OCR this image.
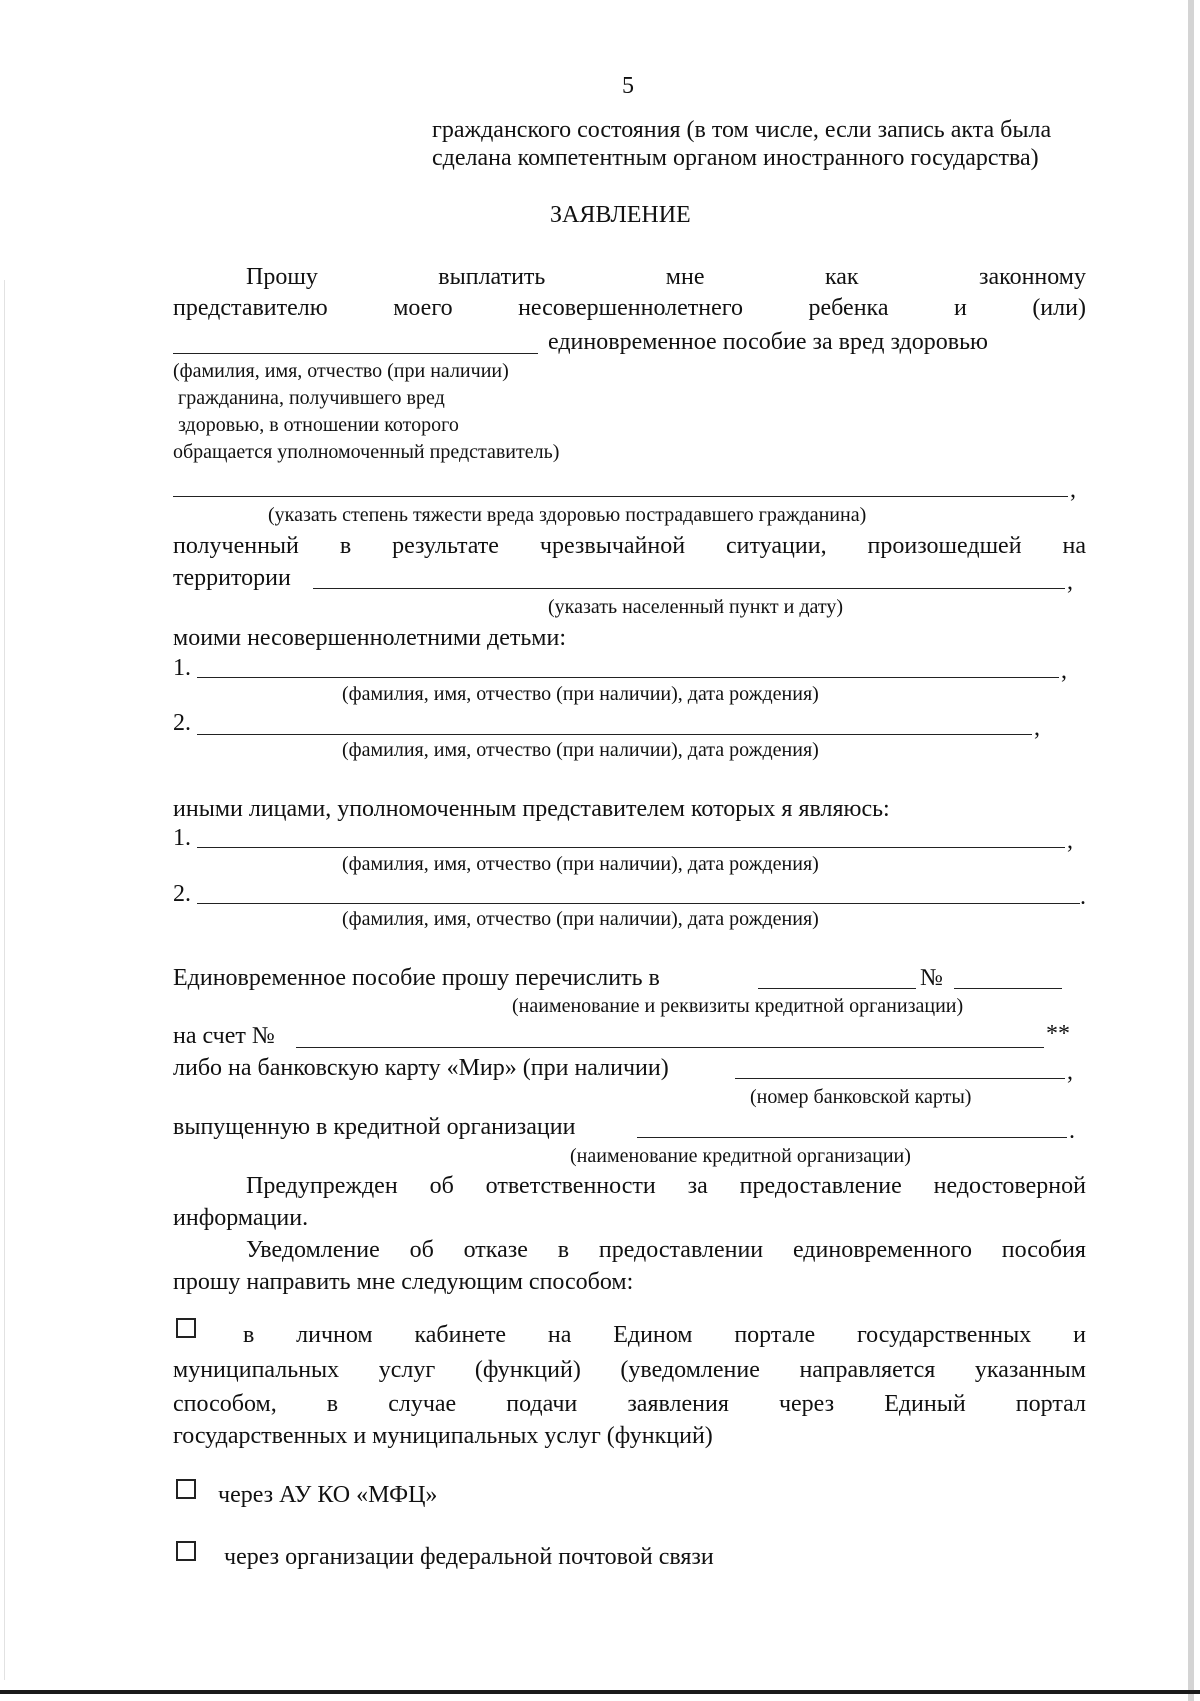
5
гражданского состояния (в том числе, если запись акта была
сделана компетентным органом иностранного государства)
ЗАЯВЛЕНИЕ
Прошу	выплатить	мне	как	законному
представителю	моего	несовершеннолетнего	ребенка	и	(или)
единовременное пособие за вред здоровью
(фамилия, имя, отчество (при наличии)
гражданина, получившего вред
здоровью, в отношении которого
обращается уполномоченный представитель)
,
(указать степень тяжести вреда здоровью пострадавшего гражданина)
полученный в результате чрезвычайной ситуации, произошедшей на
территории	,
(указать населенный пункт и дату)
моими несовершеннолетними детьми:
1.	,
(фамилия, имя, отчество (при наличии), дата рождения)
2.	,
(фамилия, имя, отчество (при наличии), дата рождения)
иными лицами, уполномоченным представителем которых я являюсь:
1.	,
(фамилия, имя, отчество (при наличии), дата рождения)
2.	.
(фамилия, имя, отчество (при наличии), дата рождения)
Единовременное пособие прошу перечислить в	№
(наименование и реквизиты кредитной организации)
на счет №	**
либо на банковскую карту «Мир» (при наличии)	,
(номер банковской карты)
выпущенную в кредитной организации	.
(наименование кредитной организации)
Предупрежден об ответственности за предоставление недостоверной
информации.
Уведомление об отказе в предоставлении единовременного пособия
прошу направить мне следующим способом:
в личном кабинете на Едином портале государственных и
муниципальных услуг (функций) (уведомление направляется указанным
способом, в случае подачи заявления через Единый портал
государственных и муниципальных услуг (функций)
через АУ КО «МФЦ»
через организации федеральной почтовой связи
